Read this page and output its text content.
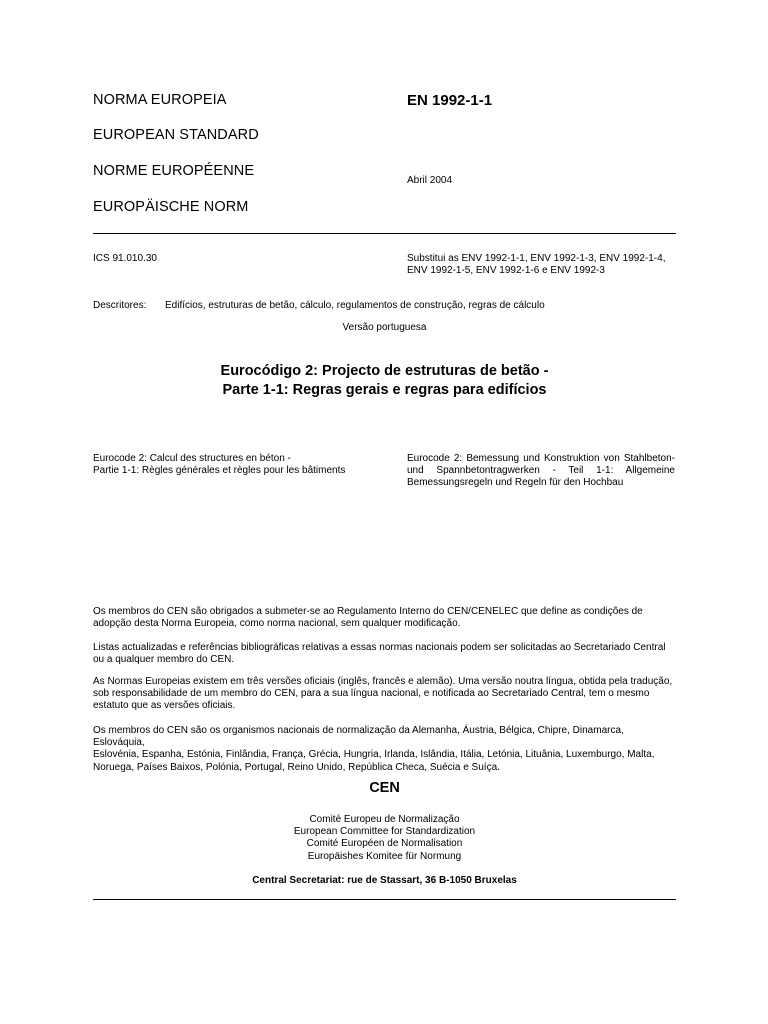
NORMA EUROPEIA
EUROPEAN STANDARD
NORME EUROPÉENNE
EUROPÄISCHE NORM
EN 1992-1-1
Abril 2004
ICS 91.010.30	Substitui as ENV 1992-1-1, ENV 1992-1-3, ENV 1992-1-4,
ENV 1992-1-5, ENV 1992-1-6 e ENV 1992-3
Descritores: Edifícios, estruturas de betão, cálculo, regulamentos de construção, regras de cálculo
Versão portuguesa
Eurocódigo 2: Projecto de estruturas de betão -
Parte 1-1: Regras gerais e regras para edifícios
Eurocode 2: Calcul des structures en béton -
Partie 1-1: Règles générales et règles pour les bâtiments
Eurocode 2: Bemessung und Konstruktion von Stahlbeton- und Spannbetontragwerken - Teil 1-1: Allgemeine Bemessungsregeln und Regeln für den Hochbau
Os membros do CEN são obrigados a submeter-se ao Regulamento Interno do CEN/CENELEC que define as condições de
adopção desta Norma Europeia, como norma nacional, sem qualquer modificação.
Listas actualizadas e referências bibliográficas relativas a essas normas nacionais podem ser solicitadas ao Secretariado Central
ou a qualquer membro do CEN.
As Normas Europeias existem em três versões oficiais (inglês, francês e alemão). Uma versão noutra língua, obtida pela tradução,
sob responsabilidade de um membro do CEN, para a sua língua nacional, e notificada ao Secretariado Central, tem o mesmo
estatuto que as versões oficiais.
Os membros do CEN são os organismos nacionais de normalização da Alemanha, Áustria, Bélgica, Chipre, Dinamarca, Eslováquia,
Eslovénia, Espanha, Estónia, Finlândia, França, Grécia, Hungria, Irlanda, Islândia, Itália, Letónia, Lituânia, Luxemburgo, Malta,
Noruega, Países Baixos, Polónia, Portugal, Reino Unido, República Checa, Suécia e Suíça.
CEN
Comité Europeu de Normalização
European Committee for Standardization
Comité Européen de Normalisation
Europäishes Komitee für Normung
Central Secretariat: rue de Stassart, 36 B-1050 Bruxelas
